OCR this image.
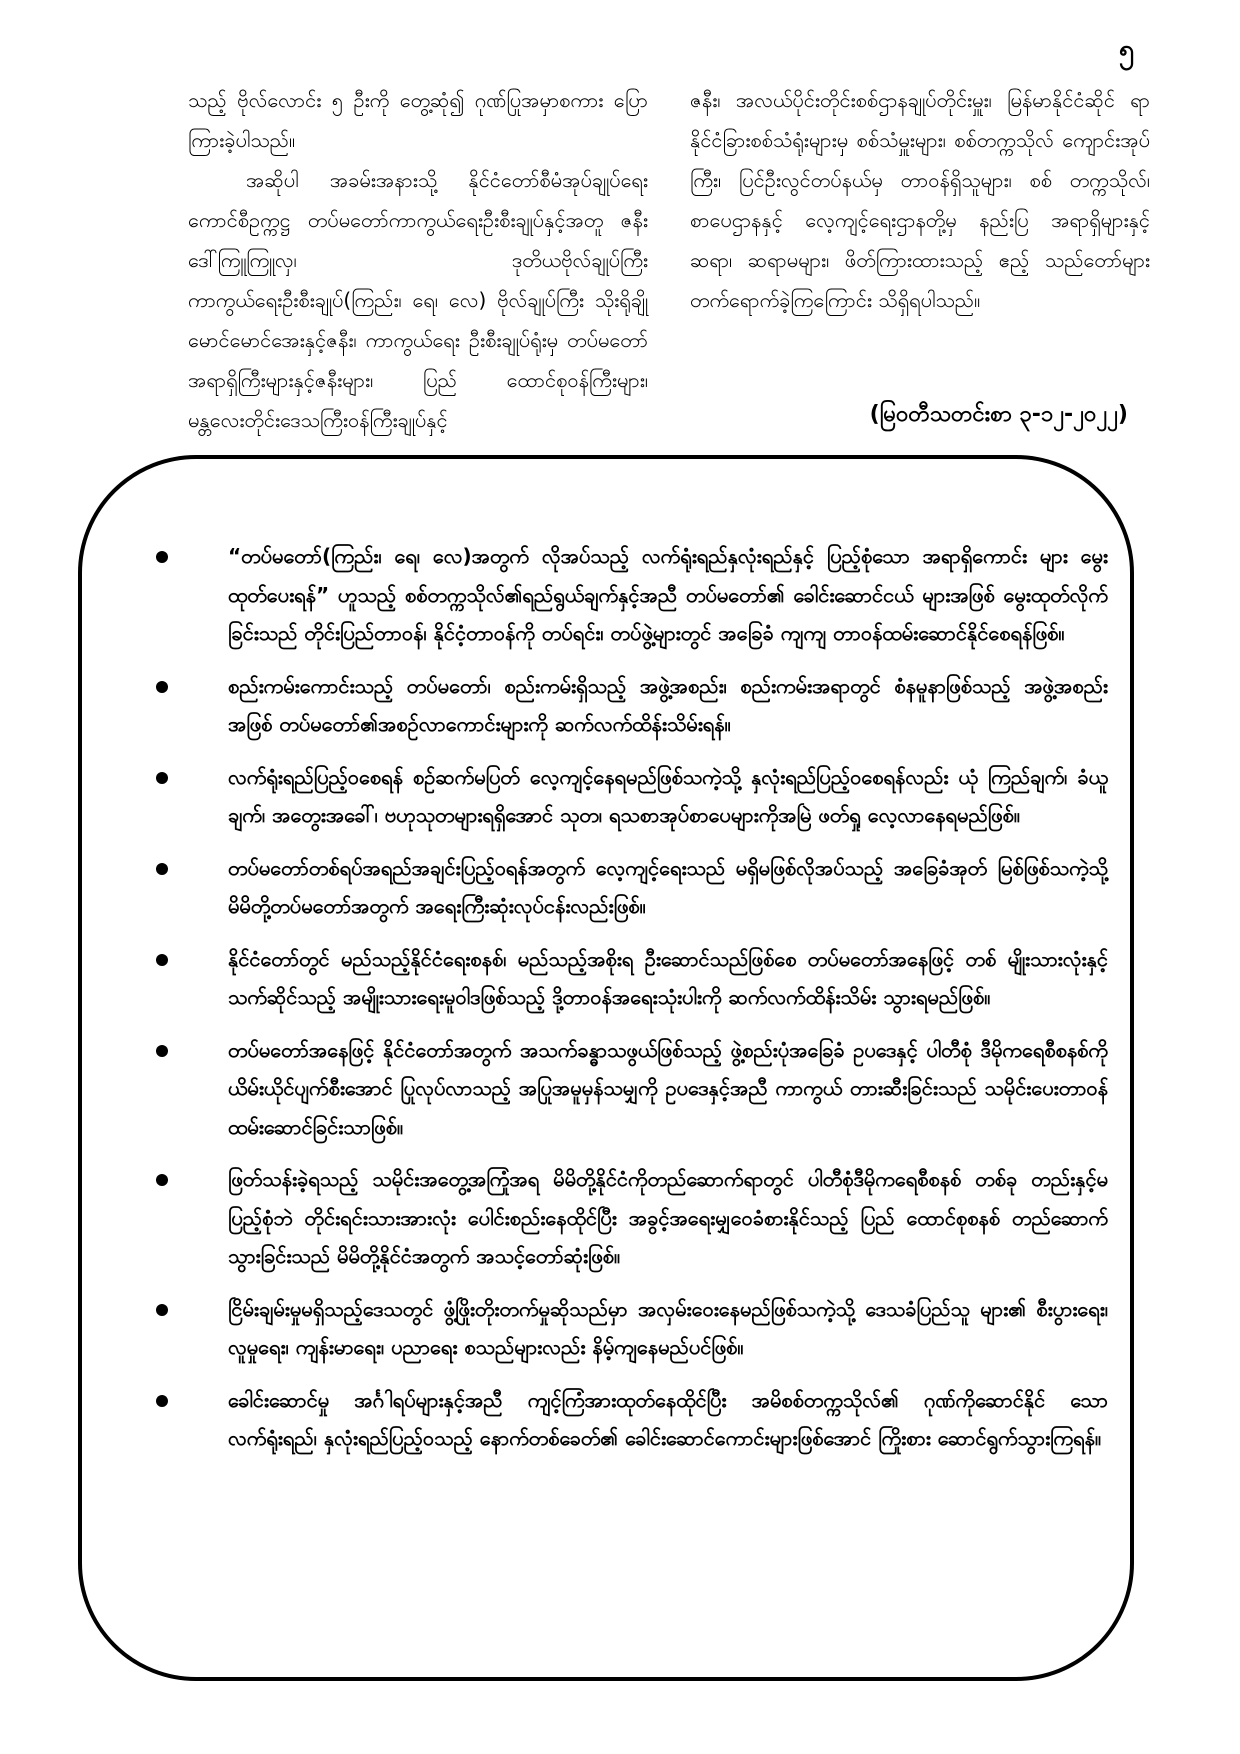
၅

သည့် ဗိုလ်လောင်း ၅ ဦးကို တွေ့ဆုံ၍ ဂုဏ်ပြုအမှာစကား ပြောကြားခဲ့ပါသည်။

အဆိုပါ အခမ်းအနားသို့ နိုင်ငံတော်စီမံအုပ်ချုပ်ရေး ကောင်စီဥက္ကဋ္ဌ တပ်မတော်ကာကွယ်ရေးဦးစီးချုပ်နှင့်အတူ ဇနီးဒေါ်ကြူကြူလှ၊ ဒုတိယဗိုလ်ချုပ်ကြီး ကာကွယ်ရေးဦးစီးချုပ်(ကြည်း၊ ရေ၊ လေ) ဗိုလ်ချုပ်ကြီး သိုးရိုချိုမောင်မောင်အေးနှင့်ဇနီး၊ ကာကွယ်ရေး ဦးစီးချုပ်ရုံးမှ တပ်မတော်အရာရှိကြီးများနှင့်ဇနီးများ၊ ပြည် ထောင်စုဝန်ကြီးများ၊ မန္တလေးတိုင်းဒေသကြီးဝန်ကြီးချုပ်နှင့်

ဇနီး၊ အလယ်ပိုင်းတိုင်းစစ်ဌာနချုပ်တိုင်းမှူး၊ မြန်မာနိုင်ငံဆိုင် ရာ နိုင်ငံခြားစစ်သံရုံးများမှ စစ်သံမှူးများ၊ စစ်တက္ကသိုလ် ကျောင်းအုပ်ကြီး၊ ပြင်ဦးလွင်တပ်နယ်မှ တာဝန်ရှိသူများ၊ စစ် တက္ကသိုလ်၊ စာပေဌာနနှင့် လေ့ကျင့်ရေးဌာနတို့မှ နည်းပြ အရာရှိများနှင့် ဆရာ၊ ဆရာမများ၊ ဖိတ်ကြားထားသည့် ဧည့် သည်တော်များ တက်ရောက်ခဲ့ကြကြောင်း သိရှိရပါသည်။

(မြဝတီသတင်းစာ ၃-၁၂-၂၀၂၂)
“တပ်မတော်(ကြည်း၊ ရေ၊ လေ)အတွက် လိုအပ်သည့် လက်ရုံးရည်နှလုံးရည်နှင့် ပြည့်စုံသော အရာရှိကောင်း များ မွေးထုတ်ပေးရန်” ဟူသည့် စစ်တက္ကသိုလ်၏ရည်ရွယ်ချက်နှင့်အညီ တပ်မတော်၏ ခေါင်းဆောင်ငယ် များအဖြစ် မွေးထုတ်လိုက်ခြင်းသည် တိုင်းပြည်တာဝန်၊ နိုင်ငံ့တာဝန်ကို တပ်ရင်း၊ တပ်ဖွဲ့များတွင် အခြေခံ ကျကျ တာဝန်ထမ်းဆောင်နိုင်စေရန်ဖြစ်။
စည်းကမ်းကောင်းသည့် တပ်မတော်၊ စည်းကမ်းရှိသည့် အဖွဲ့အစည်း၊ စည်းကမ်းအရာတွင် စံနမူနာဖြစ်သည့် အဖွဲ့အစည်းအဖြစ် တပ်မတော်၏အစဉ်လာကောင်းများကို ဆက်လက်ထိန်းသိမ်းရန်။
လက်ရုံးရည်ပြည့်ဝစေရန် စဉ်ဆက်မပြတ် လေ့ကျင့်နေရမည်ဖြစ်သကဲ့သို့ နှလုံးရည်ပြည့်ဝစေရန်လည်း ယုံ ကြည်ချက်၊ ခံယူချက်၊ အတွေးအခေါ်၊ ဗဟုသုတများရရှိအောင် သုတ၊ ရသစာအုပ်စာပေများကိုအမြဲ ဖတ်ရှု လေ့လာနေရမည်ဖြစ်။
တပ်မတော်တစ်ရပ်အရည်အချင်းပြည့်ဝရန်အတွက် လေ့ကျင့်ရေးသည် မရှိမဖြစ်လိုအပ်သည့် အခြေခံအုတ် မြစ်ဖြစ်သကဲ့သို့ မိမိတို့တပ်မတော်အတွက် အရေးကြီးဆုံးလုပ်ငန်းလည်းဖြစ်။
နိုင်ငံတော်တွင် မည်သည့်နိုင်ငံရေးစနစ်၊ မည်သည့်အစိုးရ ဦးဆောင်သည်ဖြစ်စေ တပ်မတော်အနေဖြင့် တစ် မျိုးသားလုံးနှင့်သက်ဆိုင်သည့် အမျိုးသားရေးမူဝါဒဖြစ်သည့် ဒို့တာဝန်အရေးသုံးပါးကို ဆက်လက်ထိန်းသိမ်း သွားရမည်ဖြစ်။
တပ်မတော်အနေဖြင့် နိုင်ငံတော်အတွက် အသက်ခန္ဓာသဖွယ်ဖြစ်သည့် ဖွဲ့စည်းပုံအခြေခံ ဥပဒေနှင့် ပါတီစုံ ဒီမိုကရေစီစနစ်ကို ယိမ်းယိုင်ပျက်စီးအောင် ပြုလုပ်လာသည့် အပြုအမူမှန်သမျှကို ဥပဒေနှင့်အညီ ကာကွယ် တားဆီးခြင်းသည် သမိုင်းပေးတာဝန်ထမ်းဆောင်ခြင်းသာဖြစ်။
ဖြတ်သန်းခဲ့ရသည့် သမိုင်းအတွေ့အကြုံအရ မိမိတို့နိုင်ငံကိုတည်ဆောက်ရာတွင် ပါတီစုံဒီမိုကရေစီစနစ် တစ်ခု တည်းနှင့်မပြည့်စုံဘဲ တိုင်းရင်းသားအားလုံး ပေါင်းစည်းနေထိုင်ပြီး အခွင့်အရေးမျှဝေခံစားနိုင်သည့် ပြည် ထောင်စုစနစ် တည်ဆောက်သွားခြင်းသည် မိမိတို့နိုင်ငံအတွက် အသင့်တော်ဆုံးဖြစ်။
ငြိမ်းချမ်းမှုမရှိသည့်ဒေသတွင် ဖွံ့ဖြိုးတိုးတက်မှုဆိုသည်မှာ အလှမ်းဝေးနေမည်ဖြစ်သကဲ့သို့ ဒေသခံပြည်သူ များ၏ စီးပွားရေး၊ လူမှုရေး၊ ကျန်းမာရေး၊ ပညာရေး စသည်များလည်း နိမ့်ကျနေမည်ပင်ဖြစ်။
ခေါင်းဆောင်မှု အင်္ဂါရပ်များနှင့်အညီ ကျင့်ကြံအားထုတ်နေထိုင်ပြီး အမိစစ်တက္ကသိုလ်၏ ဂုဏ်ကိုဆောင်နိုင် သော လက်ရုံးရည်၊ နှလုံးရည်ပြည့်ဝသည့် နောက်တစ်ခေတ်၏ ခေါင်းဆောင်ကောင်းများဖြစ်အောင် ကြိုးစား ဆောင်ရွက်သွားကြရန်။
